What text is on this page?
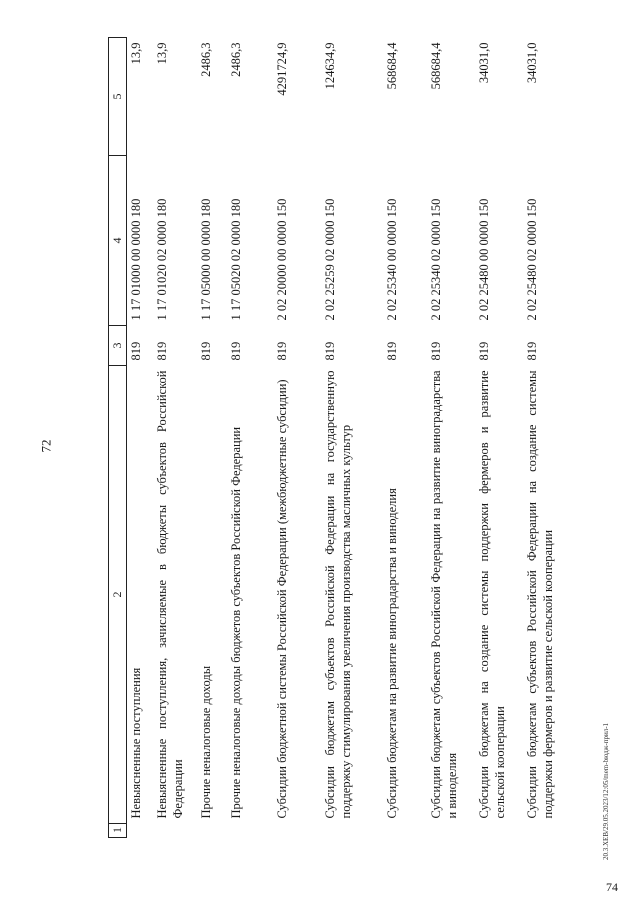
72
74
20.3.XEB/29.05.2023/12:05/mem-bюдж-прил-1
1	2	3	4	5
	Невыясненные поступления	819	1 17 01000 00 0000 180	13,9
	Невыясненные поступления, зачисляемые в бюджеты субъектов Российской Федерации	819	1 17 01020 02 0000 180	13,9
	Прочие неналоговые доходы	819	1 17 05000 00 0000 180	2486,3
	Прочие неналоговые доходы бюджетов субъектов Российской Федерации	819	1 17 05020 02 0000 180	2486,3
	Субсидии бюджетной системы Российской Федерации (межбюджетные субсидии)	819	2 02 20000 00 0000 150	4291724,9
	Субсидии бюджетам субъектов Российской Федерации на государственную поддержку стимулирования увеличения производства масличных культур	819	2 02 25259 02 0000 150	124634,9
	Субсидии бюджетам на развитие виноградарства и виноделия	819	2 02 25340 00 0000 150	568684,4
	Субсидии бюджетам субъектов Российской Федерации на развитие виноградарства и виноделия	819	2 02 25340 02 0000 150	568684,4
	Субсидии бюджетам на создание системы поддержки фермеров и развитие сельской кооперации	819	2 02 25480 00 0000 150	34031,0
	Субсидии бюджетам субъектов Российской Федерации на создание системы поддержки фермеров и развитие сельской кооперации	819	2 02 25480 02 0000 150	34031,0
